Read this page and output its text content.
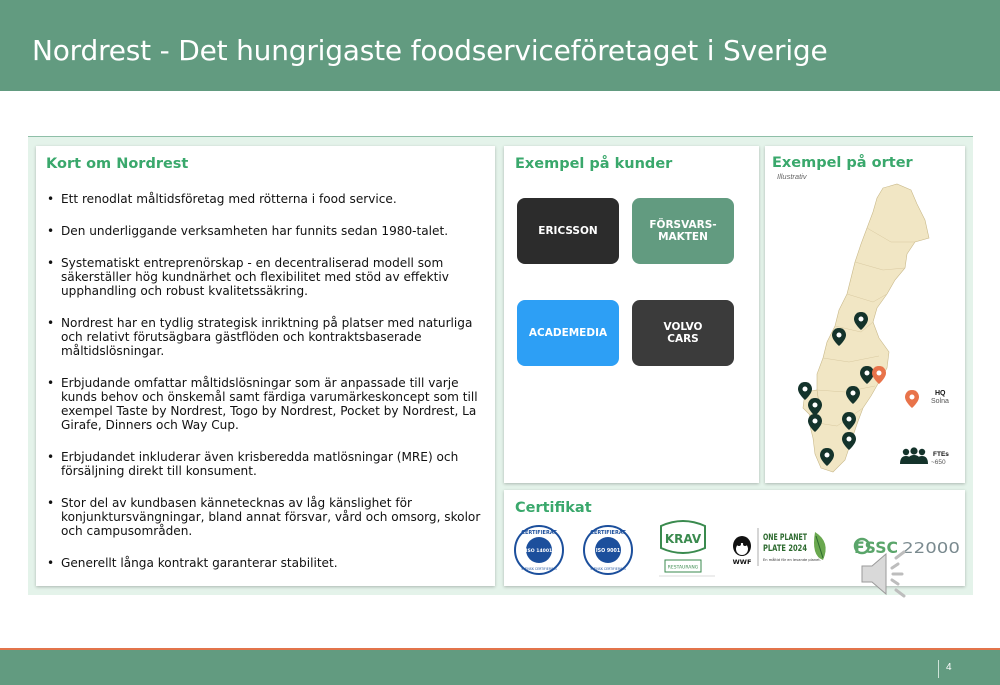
Nordrest - Det hungrigaste foodserviceföretaget i Sverige
Kort om Nordrest
• Ett renodlat måltidsföretag med rötterna i food service.
• Den underliggande verksamheten har funnits sedan 1980-talet.
• Systematiskt entreprenörskap - en decentraliserad modell som säkerställer hög kundnärhet och flexibilitet med stöd av effektiv upphandling och robust kvalitetssäkring.
• Nordrest har en tydlig strategisk inriktning på platser med naturliga och relativt förutsägbara gästflöden och kontraktsbaserade måltidslösningar.
• Erbjudande omfattar måltidslösningar som är anpassade till varje kunds behov och önskemål samt färdiga varumärkeskoncept som till exempel Taste by Nordrest, Togo by Nordrest, Pocket by Nordrest, La Girafe, Dinners och Way Cup.
• Erbjudandet inkluderar även krisberedda matlösningar (MRE) och försäljning direkt till konsument.
• Stor del av kundbasen kännetecknas av låg känslighet för konjunktursvängningar, bland annat försvar, vård och omsorg, skolor och campusområden.
• Generellt långa kontrakt garanterar stabilitet.
Exempel på kunder
ERICSSON	FÖRSVARS-
MAKTEN
ACADEMEDIA	VOLVO
CARS
Exempel på orter
Illustrativ
HQ
Solna
FTEs
~650
Certifikat
ISO 14001
CERTIFIERAT
SVENSK CERTIFIERING
ISO 9001
CERTIFIERAT
SVENSK CERTIFIERING
KRAV
RESTAURANG
WWF
ONE PLANET
PLATE 2024
En måltid för en levande planet.
FSSC 22000
4
